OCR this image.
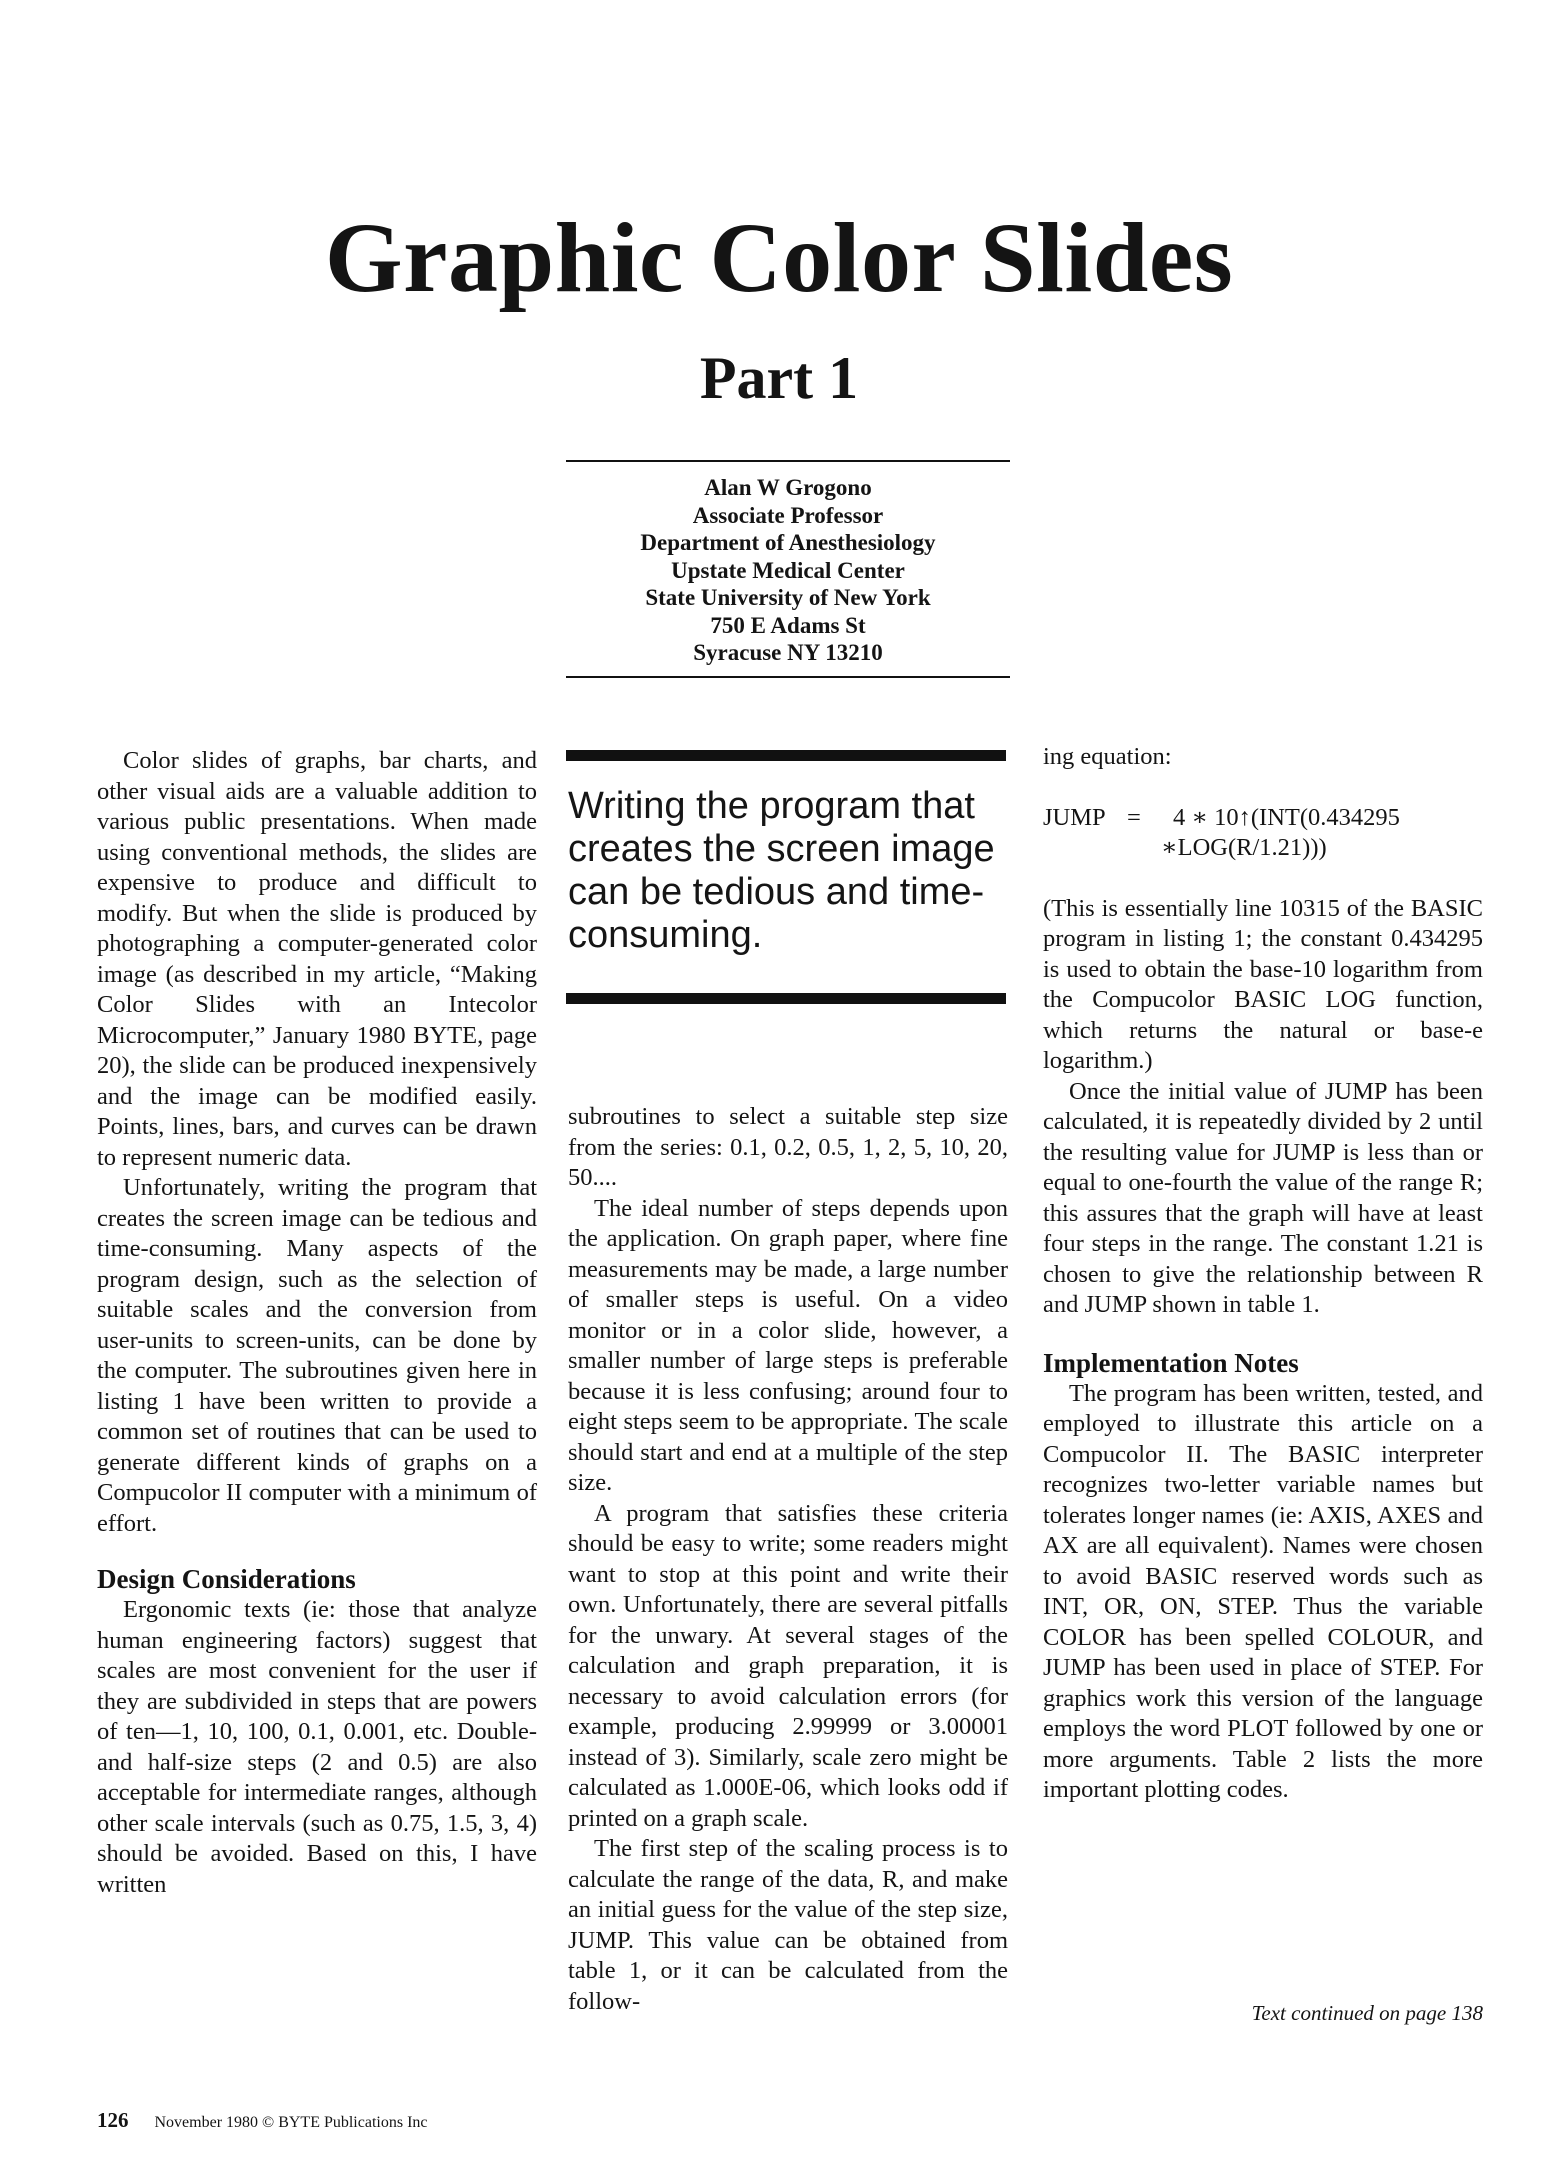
Graphic Color Slides
Part 1
Alan W Grogono
Associate Professor
Department of Anesthesiology
Upstate Medical Center
State University of New York
750 E Adams St
Syracuse NY 13210

Color slides of graphs, bar charts, and other visual aids are a valuable addition to various public presentations. When made using conventional methods, the slides are expensive to produce and difficult to modify. But when the slide is produced by photographing a computer-generated color image (as described in my article, “Making Color Slides with an Intecolor Microcomputer,” January 1980 BYTE, page 20), the slide can be produced inexpensively and the image can be modified easily. Points, lines, bars, and curves can be drawn to represent numeric data.

Unfortunately, writing the program that creates the screen image can be tedious and time-consuming. Many aspects of the program design, such as the selection of suitable scales and the conversion from user-units to screen-units, can be done by the computer. The subroutines given here in listing 1 have been written to provide a common set of routines that can be used to generate different kinds of graphs on a Compucolor II computer with a minimum of effort.

Design Considerations

Ergonomic texts (ie: those that analyze human engineering factors) suggest that scales are most convenient for the user if they are subdivided in steps that are powers of ten—1, 10, 100, 0.1, 0.001, etc. Double- and half-size steps (2 and 0.5) are also acceptable for intermediate ranges, although other scale intervals (such as 0.75, 1.5, 3, 4) should be avoided. Based on this, I have written

Writing the program that creates the screen image can be tedious and time-consuming.

subroutines to select a suitable step size from the series: 0.1, 0.2, 0.5, 1, 2, 5, 10, 20, 50....

The ideal number of steps depends upon the application. On graph paper, where fine measurements may be made, a large number of smaller steps is useful. On a video monitor or in a color slide, however, a smaller number of large steps is preferable because it is less confusing; around four to eight steps seem to be appropriate. The scale should start and end at a multiple of the step size.

A program that satisfies these criteria should be easy to write; some readers might want to stop at this point and write their own. Unfortunately, there are several pitfalls for the unwary. At several stages of the calculation and graph preparation, it is necessary to avoid calculation errors (for example, producing 2.99999 or 3.00001 instead of 3). Similarly, scale zero might be calculated as 1.000E-06, which looks odd if printed on a graph scale.

The first step of the scaling process is to calculate the range of the data, R, and make an initial guess for the value of the step size, JUMP. This value can be obtained from table 1, or it can be calculated from the follow-

ing equation:

JUMP =	4 ∗ 10↑(INT(0.434295
∗LOG(R/1.21)))

(This is essentially line 10315 of the BASIC program in listing 1; the constant 0.434295 is used to obtain the base-10 logarithm from the Compucolor BASIC LOG function, which returns the natural or base-e logarithm.)

Once the initial value of JUMP has been calculated, it is repeatedly divided by 2 until the resulting value for JUMP is less than or equal to one-fourth the value of the range R; this assures that the graph will have at least four steps in the range. The constant 1.21 is chosen to give the relationship between R and JUMP shown in table 1.

Implementation Notes

The program has been written, tested, and employed to illustrate this article on a Compucolor II. The BASIC interpreter recognizes two-letter variable names but tolerates longer names (ie: AXIS, AXES and AX are all equivalent). Names were chosen to avoid BASIC reserved words such as INT, OR, ON, STEP. Thus the variable COLOR has been spelled COLOUR, and JUMP has been used in place of STEP. For graphics work this version of the language employs the word PLOT followed by one or more arguments. Table 2 lists the more important plotting codes.

Text continued on page 138
126 November 1980 © BYTE Publications Inc
